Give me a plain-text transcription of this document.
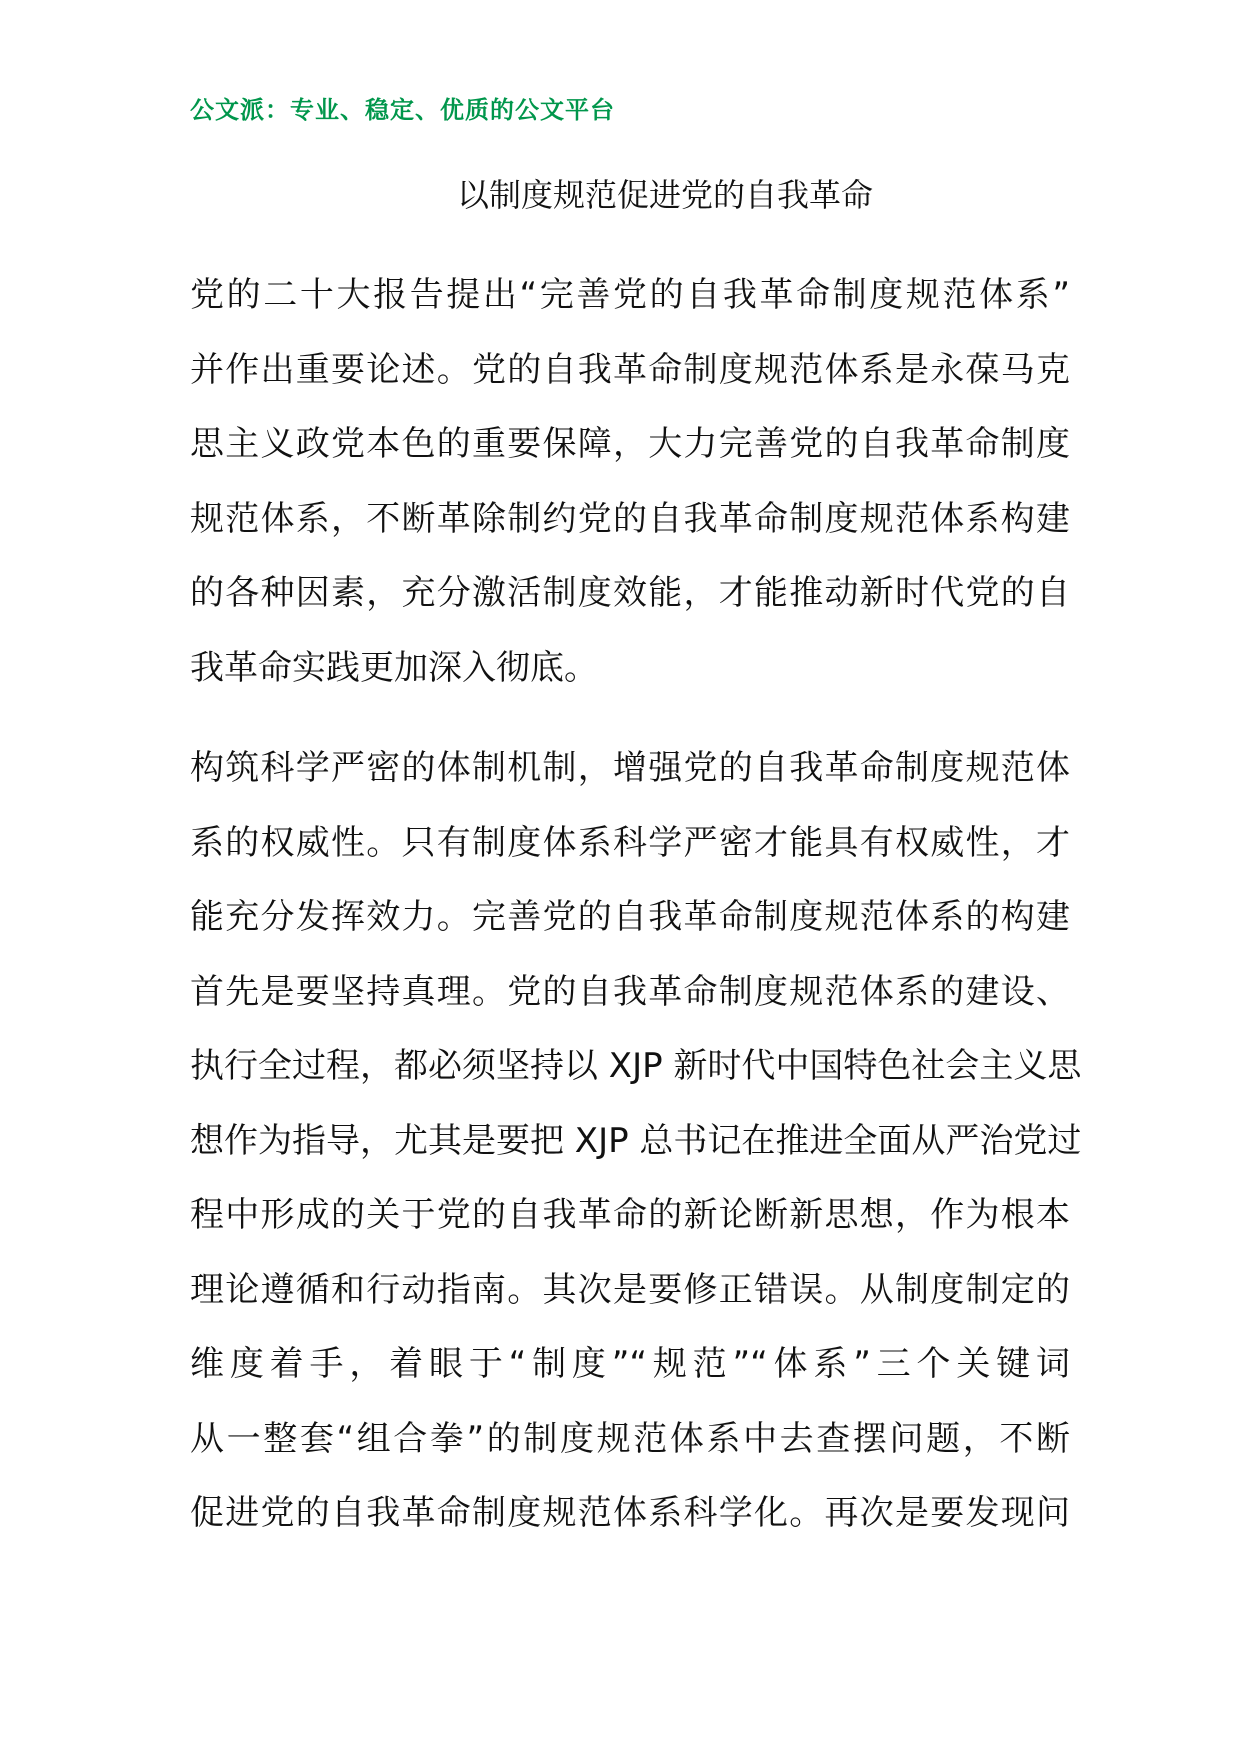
公文派：专业、稳定、优质的公文平台
以制度规范促进党的自我革命
党的二十大报告提出“完善党的自我革命制度规范体系”
并作出重要论述。党的自我革命制度规范体系是永葆马克
思主义政党本色的重要保障，大力完善党的自我革命制度
规范体系，不断革除制约党的自我革命制度规范体系构建
的各种因素，充分激活制度效能，才能推动新时代党的自
我革命实践更加深入彻底。
构筑科学严密的体制机制，增强党的自我革命制度规范体
系的权威性。只有制度体系科学严密才能具有权威性，才
能充分发挥效力。完善党的自我革命制度规范体系的构建
首先是要坚持真理。党的自我革命制度规范体系的建设、
执行全过程，都必须坚持以 XJP 新时代中国特色社会主义思
想作为指导，尤其是要把 XJP 总书记在推进全面从严治党过
程中形成的关于党的自我革命的新论断新思想，作为根本
理论遵循和行动指南。其次是要修正错误。从制度制定的
维度着手，着眼于“制度”“规范”“体系”三个关键词
从一整套“组合拳”的制度规范体系中去查摆问题，不断
促进党的自我革命制度规范体系科学化。再次是要发现问
